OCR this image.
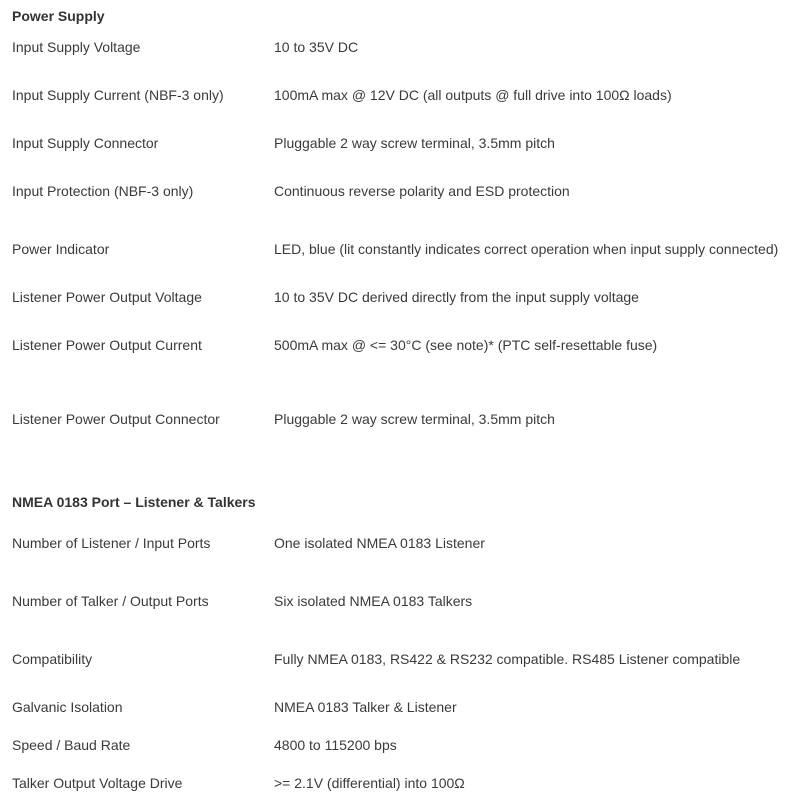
Power Supply
Input Supply Voltage	10 to 35V DC
Input Supply Current (NBF-3 only)	100mA max @ 12V DC (all outputs @ full drive into 100Ω loads)
Input Supply Connector	Pluggable 2 way screw terminal, 3.5mm pitch
Input Protection (NBF-3 only)	Continuous reverse polarity and ESD protection
Power Indicator	LED, blue (lit constantly indicates correct operation when input supply connected)
Listener Power Output Voltage	10 to 35V DC derived directly from the input supply voltage
Listener Power Output Current	500mA max @ <= 30°C (see note)* (PTC self-resettable fuse)
Listener Power Output Connector	Pluggable 2 way screw terminal, 3.5mm pitch
NMEA 0183 Port – Listener & Talkers
Number of Listener / Input Ports	One isolated NMEA 0183 Listener
Number of Talker / Output Ports	Six isolated NMEA 0183 Talkers
Compatibility	Fully NMEA 0183, RS422 & RS232 compatible. RS485 Listener compatible
Galvanic Isolation	NMEA 0183 Talker & Listener
Speed / Baud Rate	4800 to 115200 bps
Talker Output Voltage Drive	>= 2.1V (differential) into 100Ω
